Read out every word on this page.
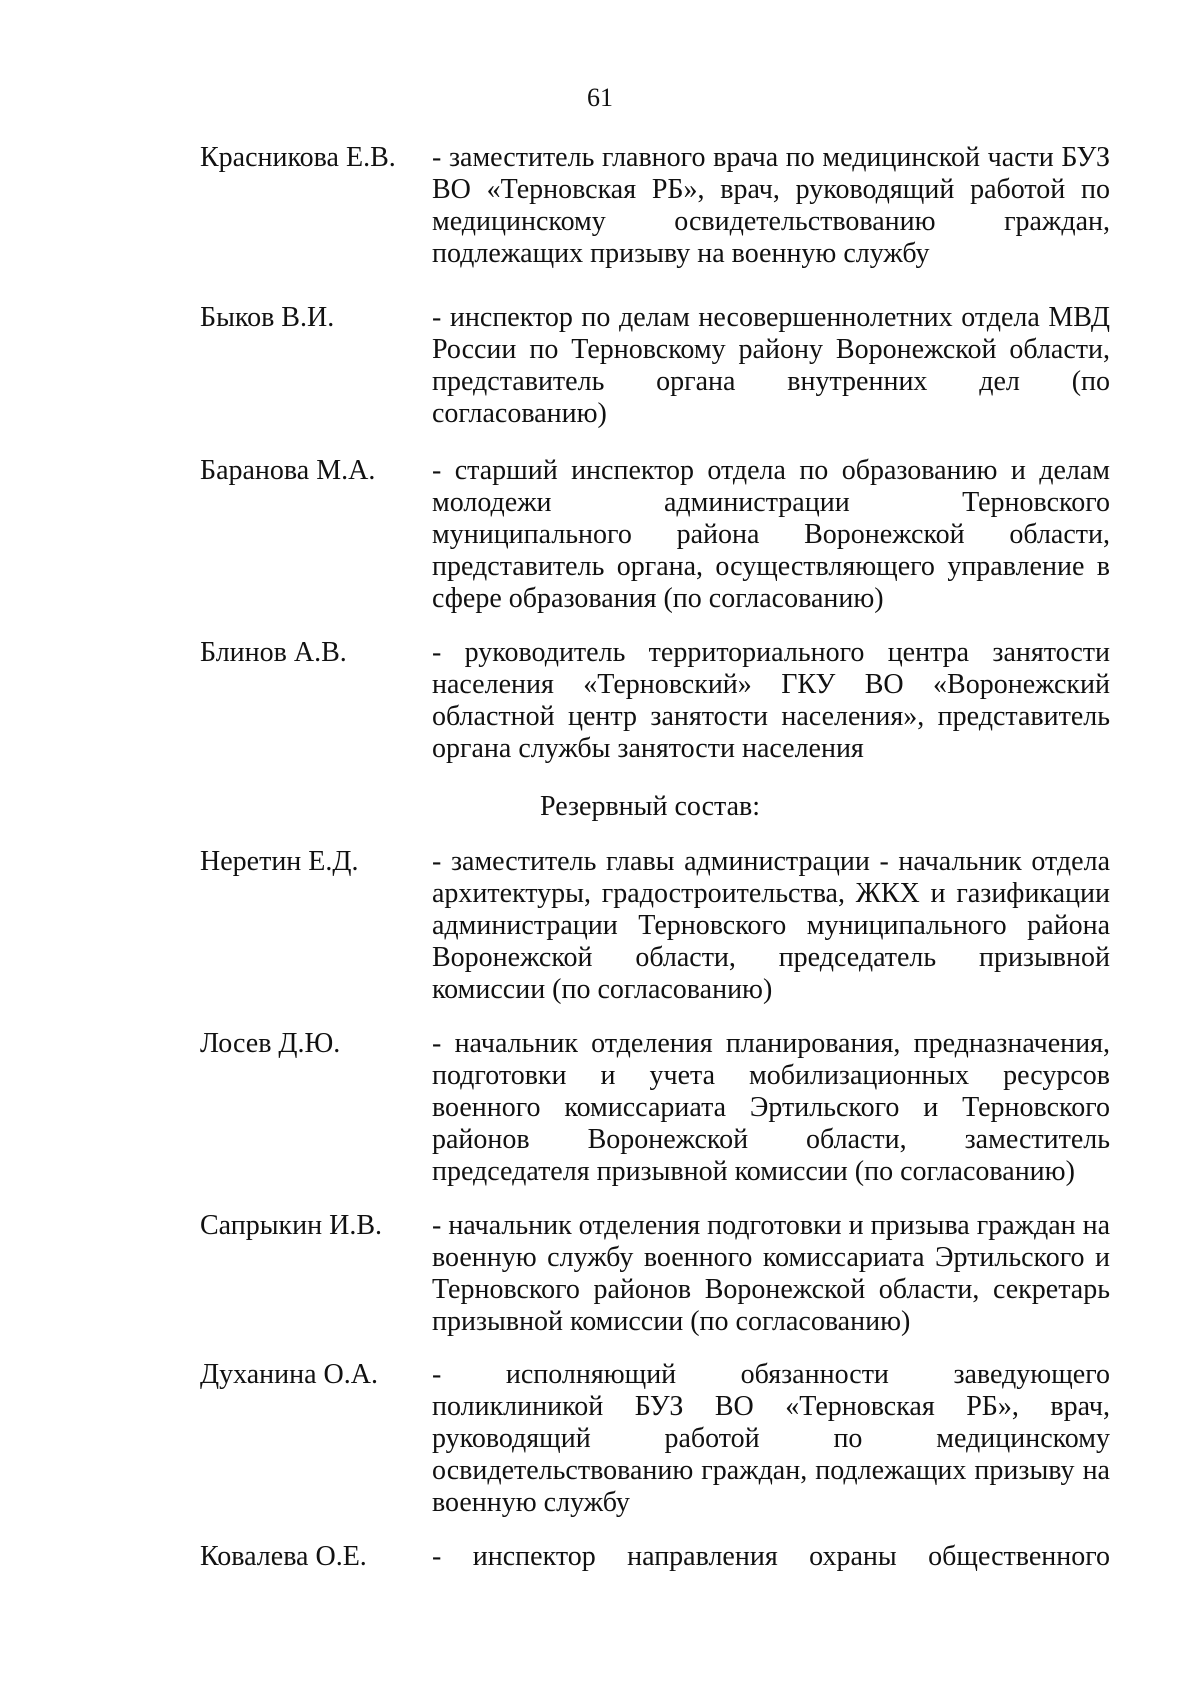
61
Красникова Е.В. - заместитель главного врача по медицинской части БУЗ
ВО «Терновская РБ», врач, руководящий работой по
медицинскому освидетельствованию граждан,
подлежащих призыву на военную службу
Быков В.И.	- инспектор по делам несовершеннолетних отдела МВД
России по Терновскому району Воронежской области,
представитель органа внутренних дел (по
согласованию)
Баранова М.А. - старший инспектор отдела по образованию и делам
молодежи администрации Терновского
муниципального района Воронежской области,
представитель органа, осуществляющего управление в
сфере образования (по согласованию)
Блинов А.В.	- руководитель территориального центра занятости
населения «Терновский» ГКУ ВО «Воронежский
областной центр занятости населения», представитель
органа службы занятости населения
Резервный состав:
Неретин Е.Д.	- заместитель главы администрации - начальник отдела
архитектуры, градостроительства, ЖКХ и газификации
администрации Терновского муниципального района
Воронежской области, председатель призывной
комиссии (по согласованию)
Лосев Д.Ю.	- начальник отделения планирования, предназначения,
подготовки и учета мобилизационных ресурсов
военного комиссариата Эртильского и Терновского
районов Воронежской области, заместитель
председателя призывной комиссии (по согласованию)
Сапрыкин И.В. - начальник отделения подготовки и призыва граждан на
военную службу военного комиссариата Эртильского и
Терновского районов Воронежской области, секретарь
призывной комиссии (по согласованию)
Духанина О.А. - исполняющий обязанности заведующего
поликлиникой БУЗ ВО «Терновская РБ», врач,
руководящий работой по медицинскому
освидетельствованию граждан, подлежащих призыву на
военную службу
Ковалева О.Е. - инспектор направления охраны общественного
